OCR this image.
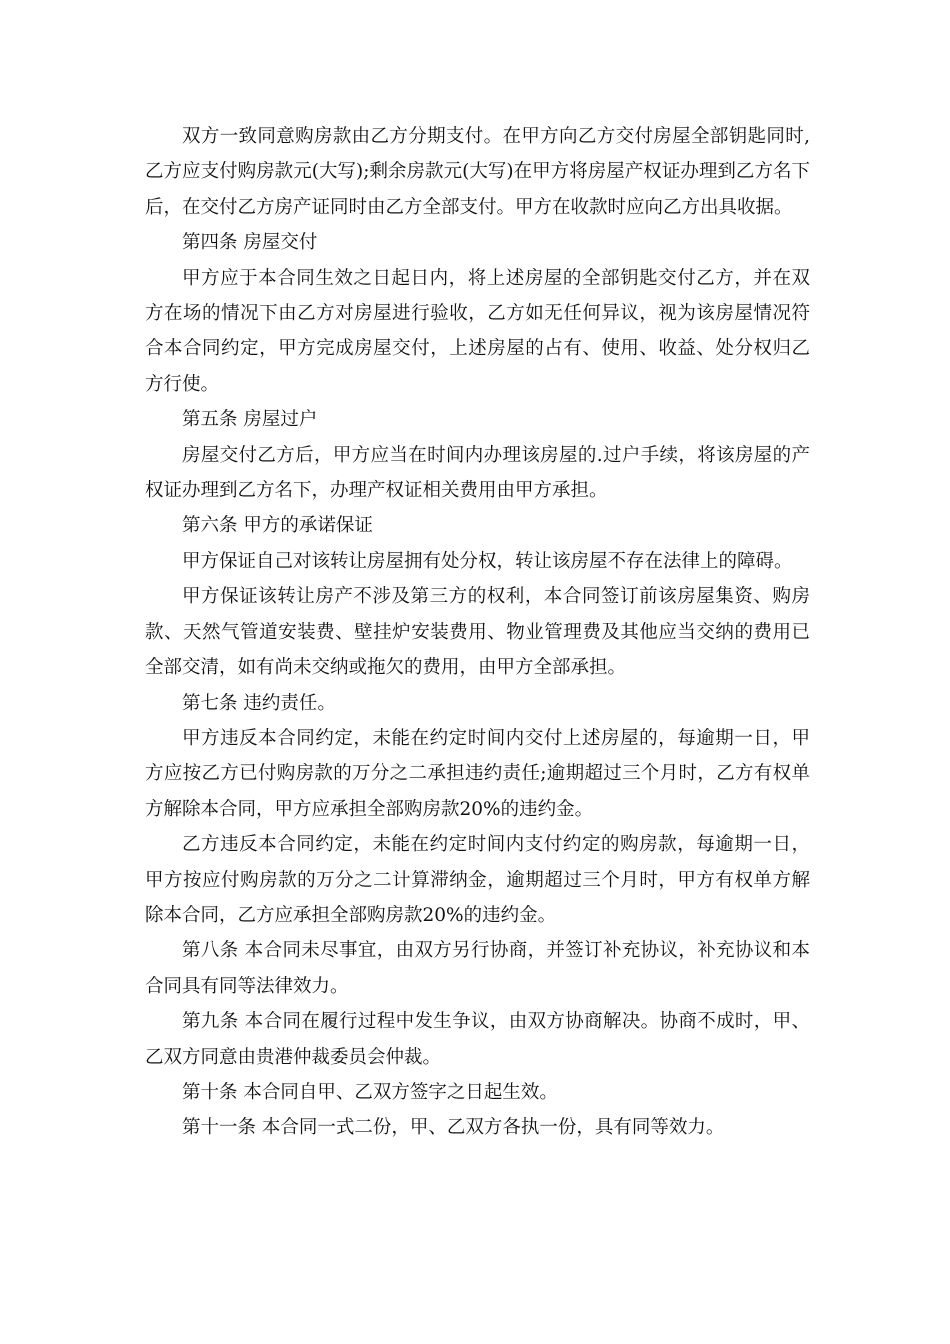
双方一致同意购房款由乙方分期支付。在甲方向乙方交付房屋全部钥匙同时,乙方应支付购房款元(大写);剩余房款元(大写)在甲方将房屋产权证办理到乙方名下后，在交付乙方房产证同时由乙方全部支付。甲方在收款时应向乙方出具收据。

第四条 房屋交付

甲方应于本合同生效之日起日内，将上述房屋的全部钥匙交付乙方，并在双方在场的情况下由乙方对房屋进行验收，乙方如无任何异议，视为该房屋情况符合本合同约定，甲方完成房屋交付，上述房屋的占有、使用、收益、处分权归乙方行使。

第五条 房屋过户

房屋交付乙方后，甲方应当在时间内办理该房屋的.过户手续，将该房屋的产权证办理到乙方名下，办理产权证相关费用由甲方承担。

第六条 甲方的承诺保证

甲方保证自己对该转让房屋拥有处分权，转让该房屋不存在法律上的障碍。

甲方保证该转让房产不涉及第三方的权利，本合同签订前该房屋集资、购房款、天然气管道安装费、壁挂炉安装费用、物业管理费及其他应当交纳的费用已全部交清，如有尚未交纳或拖欠的费用，由甲方全部承担。

第七条 违约责任。

甲方违反本合同约定，未能在约定时间内交付上述房屋的，每逾期一日，甲方应按乙方已付购房款的万分之二承担违约责任;逾期超过三个月时，乙方有权单方解除本合同，甲方应承担全部购房款20%的违约金。

乙方违反本合同约定，未能在约定时间内支付约定的购房款，每逾期一日，甲方按应付购房款的万分之二计算滞纳金，逾期超过三个月时，甲方有权单方解除本合同，乙方应承担全部购房款20%的违约金。

第八条 本合同未尽事宜，由双方另行协商，并签订补充协议，补充协议和本合同具有同等法律效力。

第九条 本合同在履行过程中发生争议，由双方协商解决。协商不成时，甲、乙双方同意由贵港仲裁委员会仲裁。

第十条 本合同自甲、乙双方签字之日起生效。

第十一条 本合同一式二份，甲、乙双方各执一份，具有同等效力。
